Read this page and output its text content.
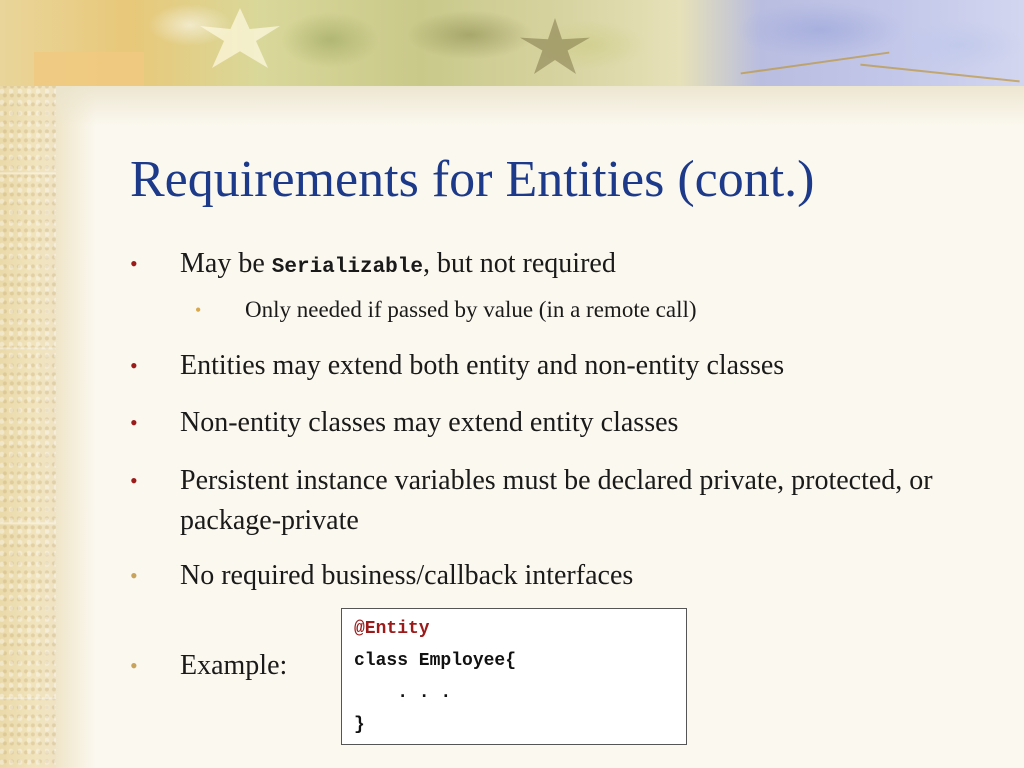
Requirements for Entities (cont.)
•	May be Serializable, but not required
•	Only needed if passed by value (in a remote call)
•	Entities may extend both entity and non-entity classes
•	Non-entity classes may extend entity classes
•	Persistent instance variables must be declared private, protected, or package-private
•	No required business/callback interfaces
•	Example:
@Entity
class Employee{
. . .
}
